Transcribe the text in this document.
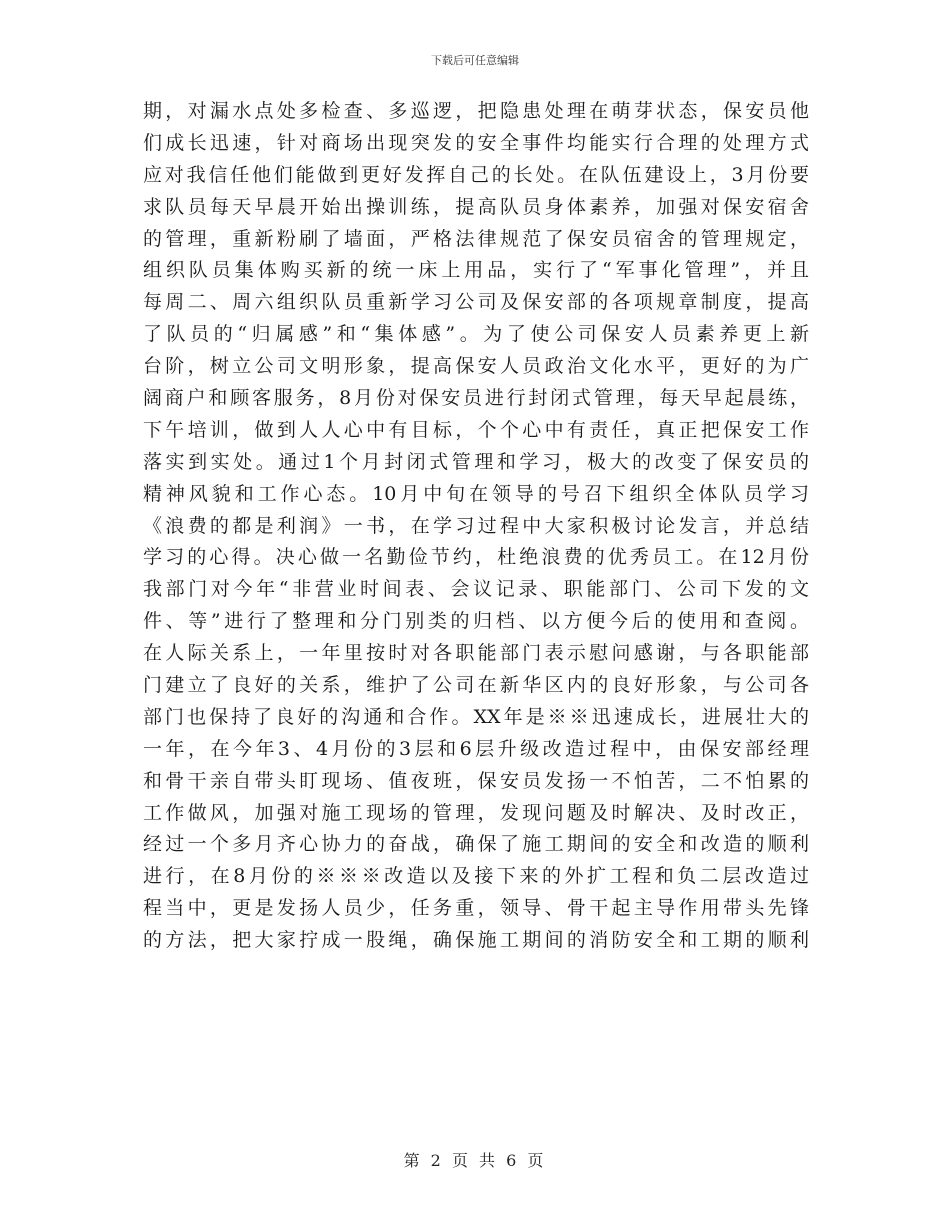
下载后可任意编辑
期，对漏水点处多检查、多巡逻，把隐患处理在萌芽状态，保安员他
们成长迅速，针对商场出现突发的安全事件均能实行合理的处理方式
应对我信任他们能做到更好发挥自己的长处。在队伍建设上，3月份要
求队员每天早晨开始出操训练，提高队员身体素养，加强对保安宿舍
的管理，重新粉刷了墙面，严格法律规范了保安员宿舍的管理规定，
组织队员集体购买新的统一床上用品，实行了“军事化管理”，并且
每周二、周六组织队员重新学习公司及保安部的各项规章制度，提高
了队员的“归属感”和“集体感”。为了使公司保安人员素养更上新
台阶，树立公司文明形象，提高保安人员政治文化水平，更好的为广
阔商户和顾客服务，8月份对保安员进行封闭式管理，每天早起晨练，
下午培训，做到人人心中有目标，个个心中有责任，真正把保安工作
落实到实处。通过1个月封闭式管理和学习，极大的改变了保安员的
精神风貌和工作心态。10月中旬在领导的号召下组织全体队员学习
《浪费的都是利润》一书，在学习过程中大家积极讨论发言，并总结
学习的心得。决心做一名勤俭节约，杜绝浪费的优秀员工。在12月份
我部门对今年“非营业时间表、会议记录、职能部门、公司下发的文
件、等”进行了整理和分门别类的归档、以方便今后的使用和查阅。
在人际关系上，一年里按时对各职能部门表示慰问感谢，与各职能部
门建立了良好的关系，维护了公司在新华区内的良好形象，与公司各
部门也保持了良好的沟通和合作。XX年是※※迅速成长，进展壮大的
一年，在今年3、4月份的3层和6层升级改造过程中，由保安部经理
和骨干亲自带头盯现场、值夜班，保安员发扬一不怕苦，二不怕累的
工作做风，加强对施工现场的管理，发现问题及时解决、及时改正，
经过一个多月齐心协力的奋战，确保了施工期间的安全和改造的顺利
进行，在8月份的※※※改造以及接下来的外扩工程和负二层改造过
程当中，更是发扬人员少，任务重，领导、骨干起主导作用带头先锋
的方法，把大家拧成一股绳，确保施工期间的消防安全和工期的顺利
第 2 页 共 6 页
